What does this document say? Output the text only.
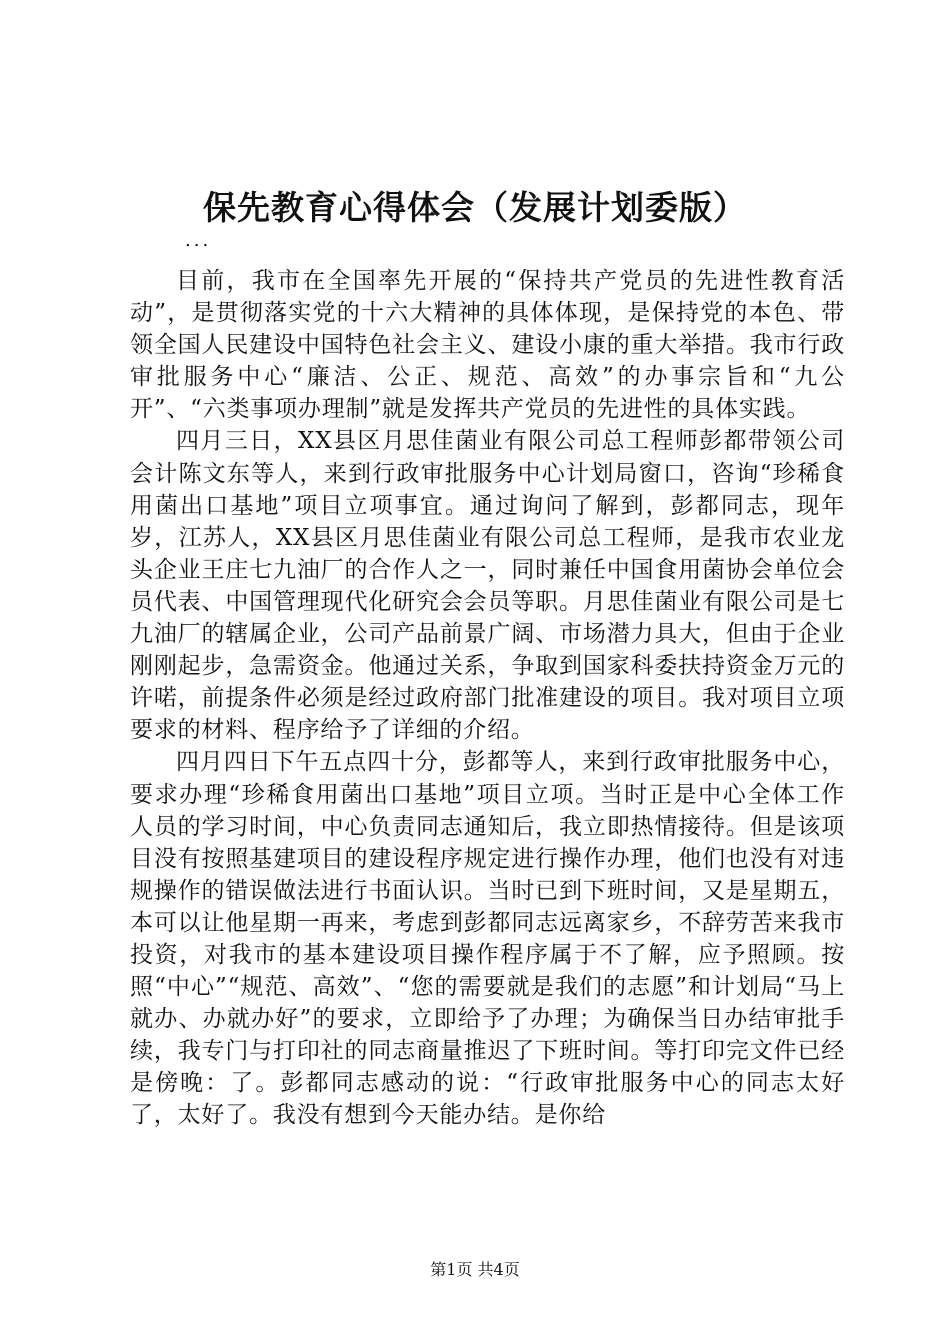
保先教育心得体会（发展计划委版）
...

目前，我市在全国率先开展的“保持共产党员的先进性教育活动”，是贯彻落实党的十六大精神的具体体现，是保持党的本色、带领全国人民建设中国特色社会主义、建设小康的重大举措。我市行政审批服务中心“廉洁、公正、规范、高效”的办事宗旨和“九公开”、“六类事项办理制”就是发挥共产党员的先进性的具体实践。

四月三日，XX县区月思佳菌业有限公司总工程师彭都带领公司会计陈文东等人，来到行政审批服务中心计划局窗口，咨询“珍稀食用菌出口基地”项目立项事宜。通过询问了解到，彭都同志，现年岁，江苏人，XX县区月思佳菌业有限公司总工程师，是我市农业龙头企业王庄七九油厂的合作人之一，同时兼任中国食用菌协会单位会员代表、中国管理现代化研究会会员等职。月思佳菌业有限公司是七九油厂的辖属企业，公司产品前景广阔、市场潜力具大，但由于企业刚刚起步，急需资金。他通过关系，争取到国家科委扶持资金万元的许喏，前提条件必须是经过政府部门批准建设的项目。我对项目立项要求的材料、程序给予了详细的介绍。

四月四日下午五点四十分，彭都等人，来到行政审批服务中心，要求办理“珍稀食用菌出口基地”项目立项。当时正是中心全体工作人员的学习时间，中心负责同志通知后，我立即热情接待。但是该项目没有按照基建项目的建设程序规定进行操作办理，他们也没有对违规操作的错误做法进行书面认识。当时已到下班时间，又是星期五，本可以让他星期一再来，考虑到彭都同志远离家乡，不辞劳苦来我市投资，对我市的基本建设项目操作程序属于不了解，应予照顾。按照“中心”“规范、高效”、“您的需要就是我们的志愿”和计划局“马上就办、办就办好”的要求，立即给予了办理；为确保当日办结审批手续，我专门与打印社的同志商量推迟了下班时间。等打印完文件已经是傍晚：了。彭都同志感动的说：“行政审批服务中心的同志太好了，太好了。我没有想到今天能办结。是你给

第1页 共4页
